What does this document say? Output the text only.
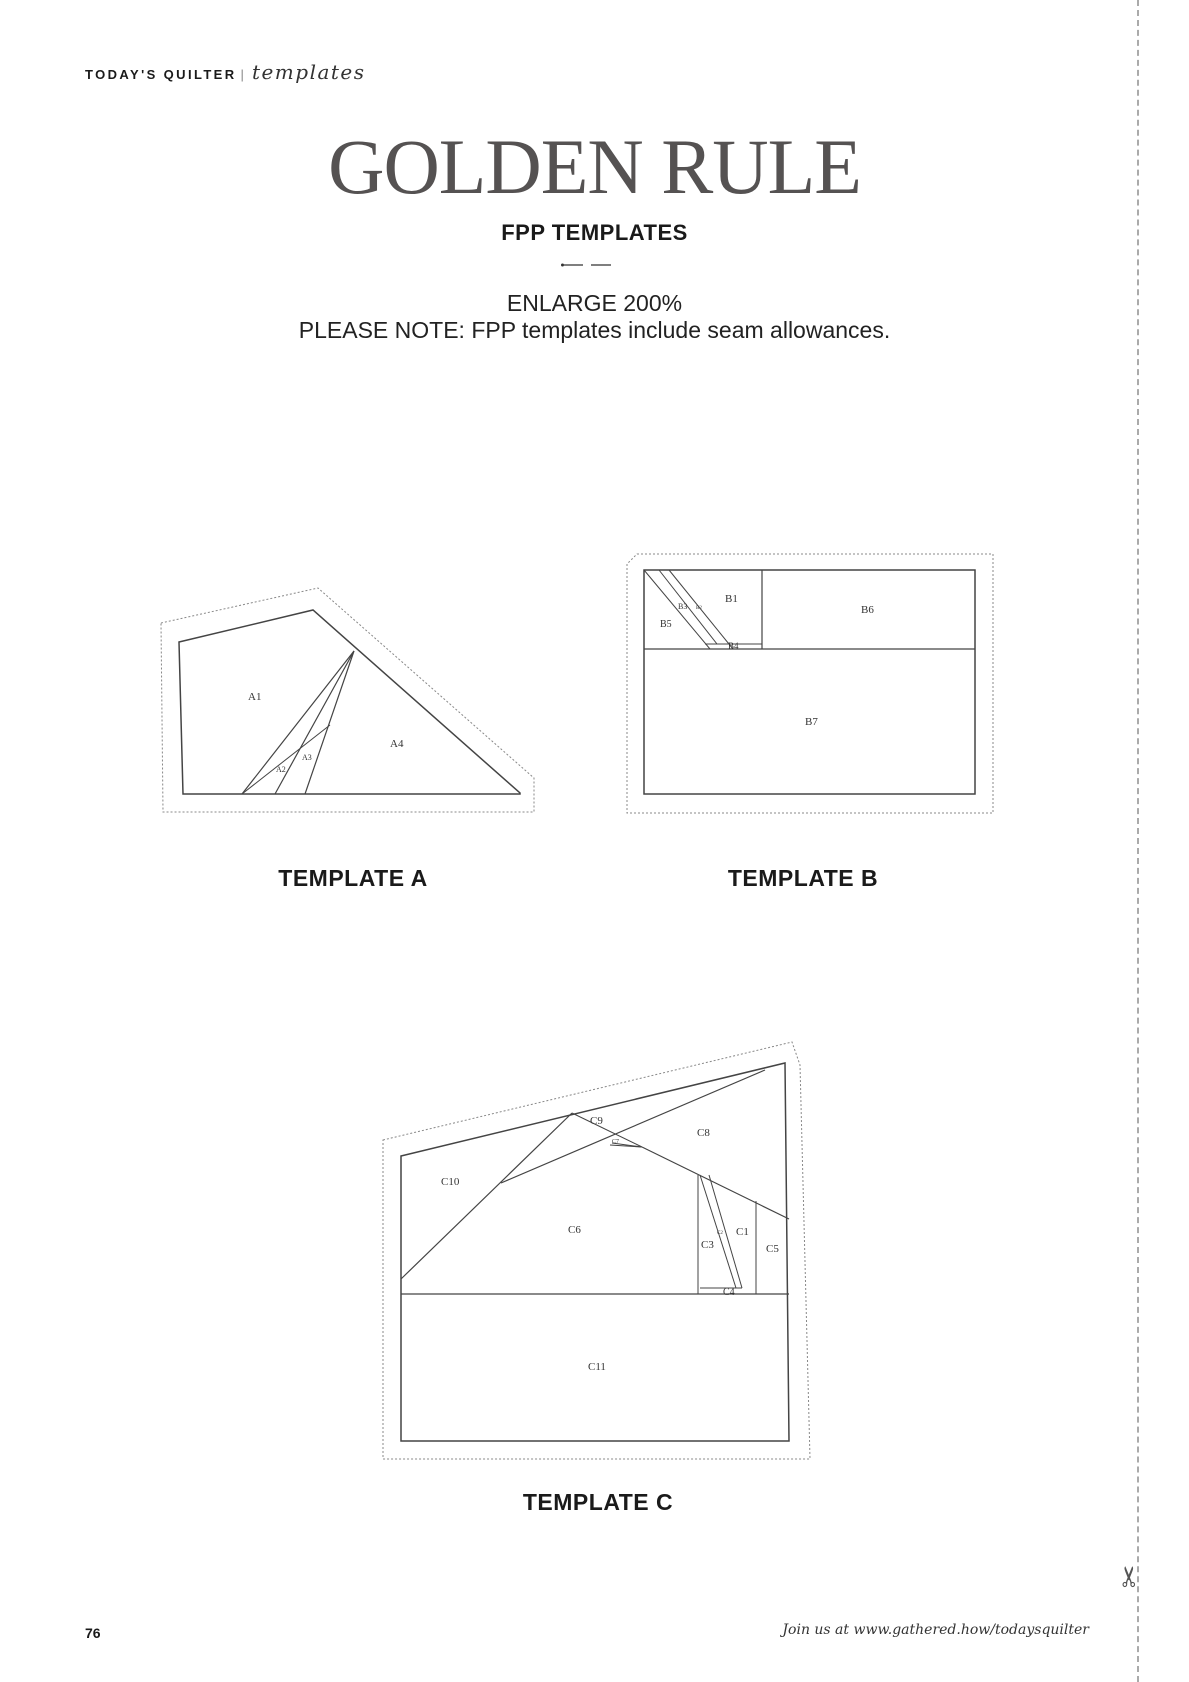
TODAY'S QUILTER | templates
GOLDEN RULE
FPP TEMPLATES
ENLARGE 200%
PLEASE NOTE: FPP templates include seam allowances.
A1
A2
A3
A4
B1
B2
B3
B4
B5
B6
B7
C1
C2
C3
C4
C5
C6
C7
C8
C9
C10
C11
TEMPLATE A	TEMPLATE B
TEMPLATE C
✂
76	Join us at www.gathered.how/todaysquilter
